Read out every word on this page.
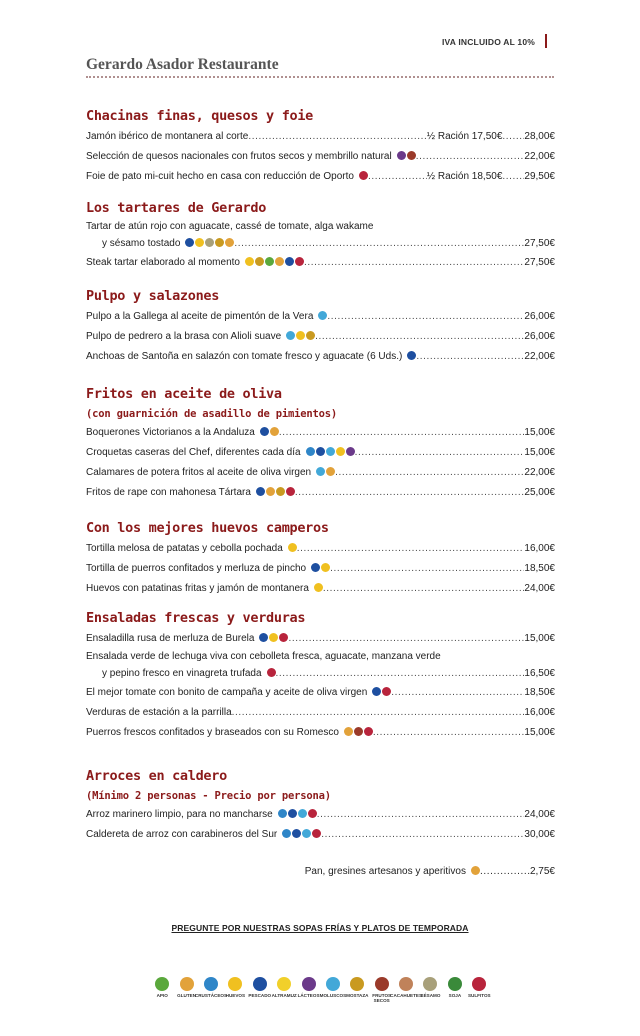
IVA INCLUIDO AL 10%
Gerardo Asador Restaurante
Chacinas finas, quesos y foie
Jamón ibérico de montanera al corte .....	½ Ración 17,50€ ..... 28,00€
Selección de quesos nacionales con frutos secos y membrillo natural .....	22,00€
Foie de pato mi-cuit hecho en casa con reducción de Oporto .....	½ Ración 18,50€ ..... 29,50€
Los tartares de Gerardo
Tartar de atún rojo con aguacate, cassé de tomate, alga wakame
y sésamo tostado .....	27,50€
Steak tartar elaborado al momento .....	27,50€
Pulpo y salazones
Pulpo a la Gallega al aceite de pimentón de la Vera .....	26,00€
Pulpo de pedrero a la brasa con Alioli suave .....	26,00€
Anchoas de Santoña en salazón con tomate fresco y aguacate (6 Uds.) .....	22,00€
Fritos en aceite de oliva
(con guarnición de asadillo de pimientos)
Boquerones Victorianos a la Andaluza .....	15,00€
Croquetas caseras del Chef, diferentes cada día .....	15,00€
Calamares de potera fritos al aceite de oliva virgen .....	22,00€
Fritos de rape con mahonesa Tártara .....	25,00€
Con los mejores huevos camperos
Tortilla melosa de patatas y cebolla pochada .....	16,00€
Tortilla de puerros confitados y merluza de pincho .....	18,50€
Huevos con patatinas fritas y jamón de montanera .....	24,00€
Ensaladas frescas y verduras
Ensaladilla rusa de merluza de Burela .....	15,00€
Ensalada verde de lechuga viva con cebolleta fresca, aguacate, manzana verde
y pepino fresco en vinagreta trufada .....	16,50€
El mejor tomate con bonito de campaña y aceite de oliva virgen .....	18,50€
Verduras de estación a la parrilla .....	16,00€
Puerros frescos confitados y braseados con su Romesco .....	15,00€
Arroces en caldero
(Mínimo 2 personas - Precio por persona)
Arroz marinero limpio, para no mancharse .....	24,00€
Caldereta de arroz con carabineros del Sur .....	30,00€
Pan, gresines artesanos y aperitivos .....	2,75€
PREGUNTE POR NUESTRAS SOPAS FRÍAS Y PLATOS DE TEMPORADA
APIO GLUTEN
CRUSTÁCEOS
HUEVOS PESCADO ALTRAMUZ LÁCTEOS MOLUSCOS MOSTAZA FRUTOS SECOS
CACAHUETES
SÉSAMO SOJA SULFITOS
